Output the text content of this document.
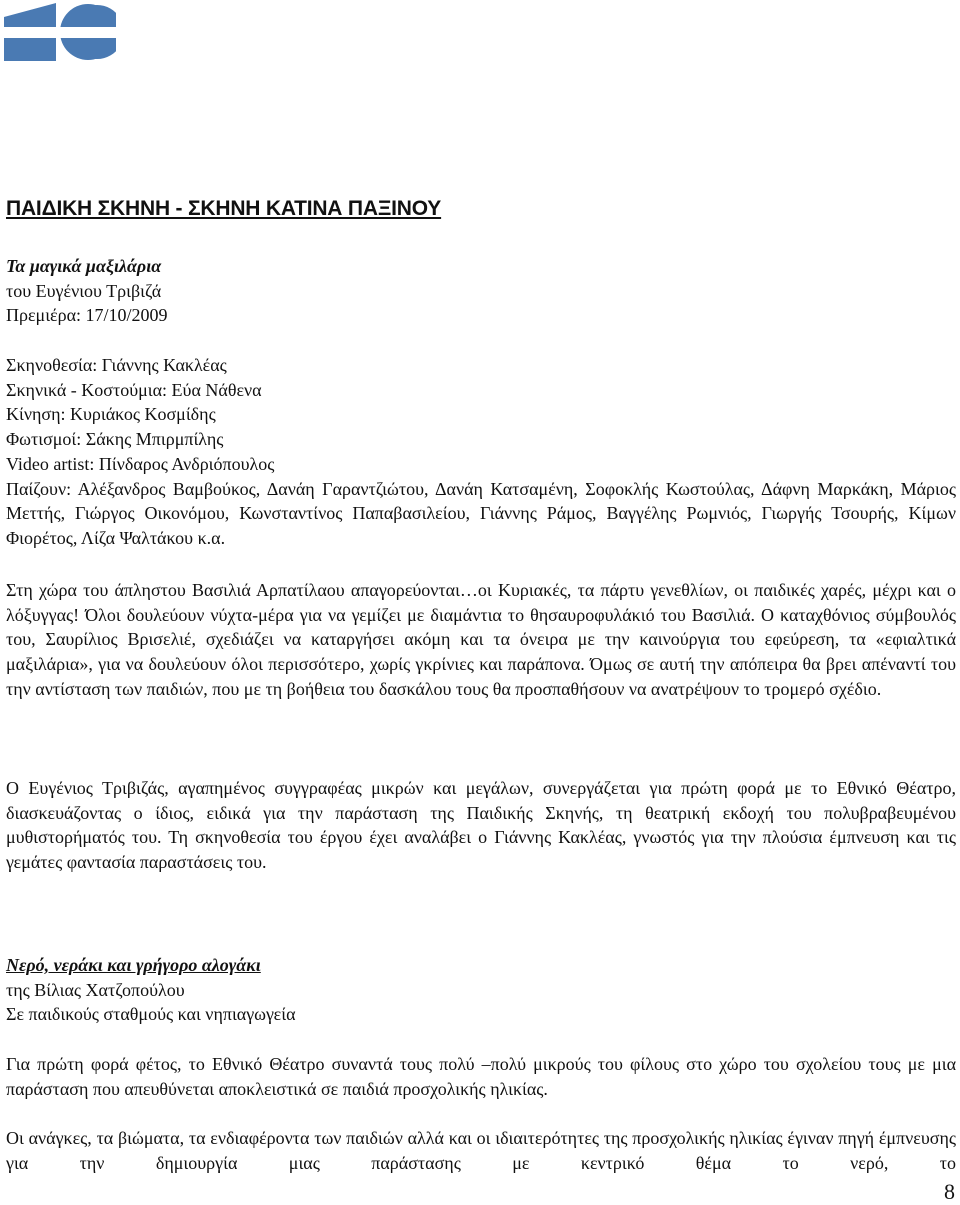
ΠΑΙΔΙΚΗ ΣΚΗΝΗ - ΣΚΗΝΗ ΚΑΤΙΝΑ ΠΑΞΙΝΟΥ
Τα μαγικά μαξιλάρια
του Ευγένιου Τριβιζά
Πρεμιέρα: 17/10/2009
Σκηνοθεσία: Γιάννης Κακλέας
Σκηνικά - Κοστούμια: Εύα Νάθενα
Κίνηση: Κυριάκος Κοσμίδης
Φωτισμοί: Σάκης Μπιρμπίλης
Video artist: Πίνδαρος Ανδριόπουλος
Παίζουν: Αλέξανδρος Βαμβούκος, Δανάη Γαραντζιώτου, Δανάη Κατσαμένη, Σοφοκλής Κωστούλας, Δάφνη Μαρκάκη, Μάριος Μεττής, Γιώργος Οικονόμου, Κωνσταντίνος Παπαβασιλείου, Γιάννης Ράμος, Βαγγέλης Ρωμνιός, Γιωργής Τσουρής, Κίμων Φιορέτος, Λίζα Ψαλτάκου κ.α.
Στη χώρα του άπληστου Βασιλιά Αρπατίλαου απαγορεύονται…οι Κυριακές, τα πάρτυ γενεθλίων, οι παιδικές χαρές, μέχρι και ο λόξυγγας! Όλοι δουλεύουν νύχτα-μέρα για να γεμίζει με διαμάντια το θησαυροφυλάκιό του Βασιλιά. Ο καταχθόνιος σύμβουλός του, Σαυρίλιος Βρισελιέ, σχεδιάζει να καταργήσει ακόμη και τα όνειρα με την καινούργια του εφεύρεση, τα «εφιαλτικά μαξιλάρια», για να δουλεύουν όλοι περισσότερο, χωρίς γκρίνιες και παράπονα. Όμως σε αυτή την απόπειρα θα βρει απέναντί του την αντίσταση των παιδιών, που με τη βοήθεια του δασκάλου τους θα προσπαθήσουν να ανατρέψουν το τρομερό σχέδιο.
Ο Ευγένιος Τριβιζάς, αγαπημένος συγγραφέας μικρών και μεγάλων, συνεργάζεται για πρώτη φορά με το Εθνικό Θέατρο, διασκευάζοντας ο ίδιος, ειδικά για την παράσταση της Παιδικής Σκηνής, τη θεατρική εκδοχή του πολυβραβευμένου μυθιστορήματός του. Τη σκηνοθεσία του έργου έχει αναλάβει ο Γιάννης Κακλέας, γνωστός για την πλούσια έμπνευση και τις γεμάτες φαντασία παραστάσεις του.
Νερό, νεράκι και γρήγορο αλογάκι
της Βίλιας Χατζοπούλου
Σε παιδικούς σταθμούς και νηπιαγωγεία
Για πρώτη φορά φέτος, το Εθνικό Θέατρο συναντά τους πολύ –πολύ μικρούς του φίλους στο χώρο του σχολείου τους με μια παράσταση που απευθύνεται αποκλειστικά σε παιδιά προσχολικής ηλικίας.
Οι ανάγκες, τα βιώματα, τα ενδιαφέροντα των παιδιών αλλά και οι ιδιαιτερότητες της προσχολικής ηλικίας έγιναν πηγή έμπνευσης για την δημιουργία μιας παράστασης με κεντρικό θέμα το νερό, το
8
